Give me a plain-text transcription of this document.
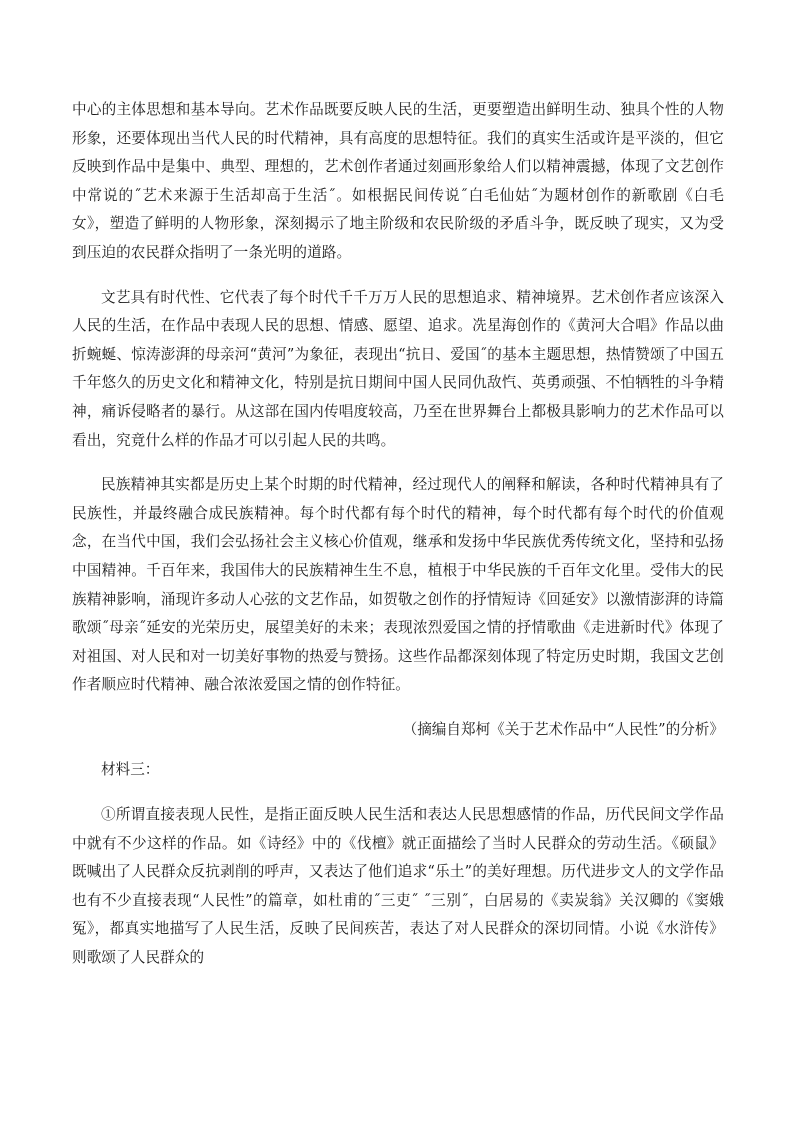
中心的主体思想和基本导向。艺术作品既要反映人民的生活，更要塑造出鲜明生动、独具个性的人物形象，还要体现出当代人民的时代精神，具有高度的思想特征。我们的真实生活或许是平淡的，但它反映到作品中是集中、典型、理想的，艺术创作者通过刻画形象给人们以精神震撼，体现了文艺创作中常说的˝艺术来源于生活却高于生活˝。如根据民间传说˝白毛仙姑˝为题材创作的新歌剧《白毛女》，塑造了鲜明的人物形象，深刻揭示了地主阶级和农民阶级的矛盾斗争，既反映了现实，又为受到压迫的农民群众指明了一条光明的道路。

文艺具有时代性、它代表了每个时代千千万万人民的思想追求、精神境界。艺术创作者应该深入人民的生活，在作品中表现人民的思想、情感、愿望、追求。冼星海创作的《黄河大合唱》作品以曲折蜿蜒、惊涛澎湃的母亲河“黄河”为象征，表现出“抗日、爱国˝的基本主题思想，热情赞颂了中国五千年悠久的历史文化和精神文化，特别是抗日期间中国人民同仇敌忾、英勇顽强、不怕牺牲的斗争精神，痛诉侵略者的暴行。从这部在国内传唱度较高，乃至在世界舞台上都极具影响力的艺术作品可以看出，究竟什么样的作品才可以引起人民的共鸣。

民族精神其实都是历史上某个时期的时代精神，经过现代人的阐释和解读，各种时代精神具有了民族性，并最终融合成民族精神。每个时代都有每个时代的精神，每个时代都有每个时代的价值观念，在当代中国，我们会弘扬社会主义核心价值观，继承和发扬中华民族优秀传统文化，坚持和弘扬中国精神。千百年来，我国伟大的民族精神生生不息，植根于中华民族的千百年文化里。受伟大的民族精神影响，涌现许多动人心弦的文艺作品，如贺敬之创作的抒情短诗《回延安》以激情澎湃的诗篇歌颂˝母亲˝延安的光荣历史，展望美好的未来；表现浓烈爱国之情的抒情歌曲《走进新时代》体现了对祖国、对人民和对一切美好事物的热爱与赞扬。这些作品都深刻体现了特定历史时期，我国文艺创作者顺应时代精神、融合浓浓爱国之情的创作特征。

（摘编自郑柯《关于艺术作品中“人民性”的分析》

材料三：

①所谓直接表现人民性，是指正面反映人民生活和表达人民思想感情的作品，历代民间文学作品中就有不少这样的作品。如《诗经》中的《伐檀》就正面描绘了当时人民群众的劳动生活。《硕鼠》既喊出了人民群众反抗剥削的呼声，又表达了他们追求“乐土”的美好理想。历代进步文人的文学作品也有不少直接表现“人民性”的篇章，如杜甫的˝三吏˝ ˝三别˝，白居易的《卖炭翁》关汉卿的《窦娥冤》，都真实地描写了人民生活，反映了民间疾苦，表达了对人民群众的深切同情。小说《水浒传》则歌颂了人民群众的
